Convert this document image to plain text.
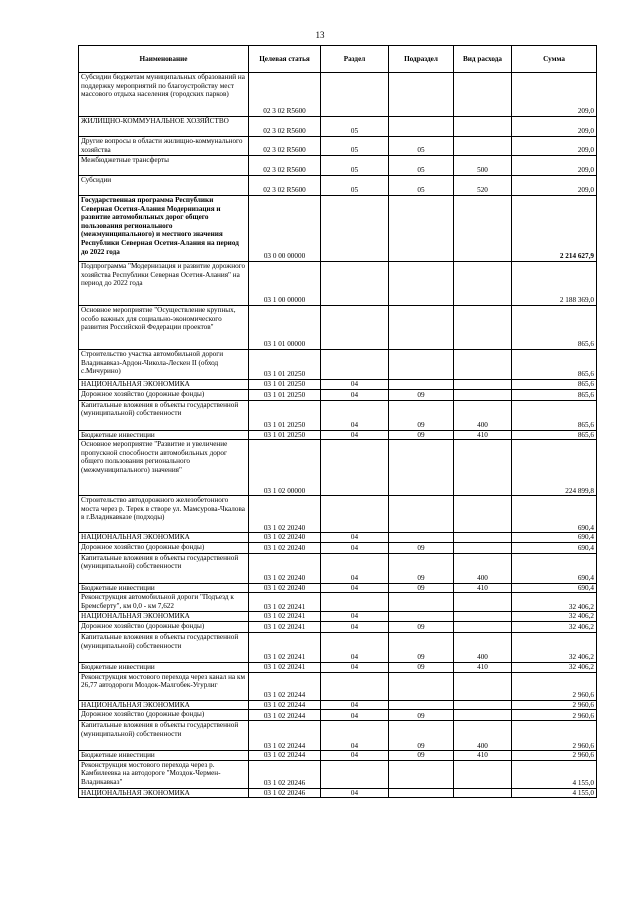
13
Наименование	Целевая статья	Раздел	Подраздел	Вид расхода	Сумма
Субсидии бюджетам муниципальных образований на поддержку мероприятий по благоустройству мест массового отдыха населения (городских парков)	02 3 02 R5600				209,0
ЖИЛИЩНО-КОММУНАЛЬНОЕ ХОЗЯЙСТВО	02 3 02 R5600	05			209,0
Другие вопросы в области жилищно-коммунального хозяйства	02 3 02 R5600	05	05		209,0
Межбюджетные трансферты	02 3 02 R5600	05	05	500	209,0
Субсидии	02 3 02 R5600	05	05	520	209,0
Государственная программа Республики Северная Осетия-Алания Модернизация и развитие автомобильных дорог общего пользования регионального (межмуниципального) и местного значения Республики Северная Осетия-Алания на период до 2022 года	03 0 00 00000				2 214 627,9
Подпрограмма "Модернизация и развитие дорожного хозяйства Республики Северная Осетия-Алания" на период до 2022 года	03 1 00 00000				2 188 369,0
Основное мероприятие "Осуществление крупных, особо важных для социально-экономического развития Российской Федерации проектов"	03 1 01 00000				865,6
Строительство участка автомобильной дороги Владикавказ-Ардон-Чикола-Лескен II (обход с.Мичурино)	03 1 01 20250				865,6
НАЦИОНАЛЬНАЯ ЭКОНОМИКА	03 1 01 20250	04			865,6
Дорожное хозяйство (дорожные фонды)	03 1 01 20250	04	09		865,6
Капитальные вложения в объекты государственной (муниципальной) собственности	03 1 01 20250	04	09	400	865,6
Бюджетные инвестиции	03 1 01 20250	04	09	410	865,6
Основное мероприятие "Развитие и увеличение пропускной способности автомобильных дорог общего пользования регионального (межмуниципального) значения"	03 1 02 00000				224 899,8
Строительство автодорожного железобетонного моста через р. Терек в створе ул. Мамсурова-Чкалова в г.Владикавказе (подходы)	03 1 02 20240				690,4
НАЦИОНАЛЬНАЯ ЭКОНОМИКА	03 1 02 20240	04			690,4
Дорожное хозяйство (дорожные фонды)	03 1 02 20240	04	09		690,4
Капитальные вложения в объекты государственной (муниципальной) собственности	03 1 02 20240	04	09	400	690,4
Бюджетные инвестиции	03 1 02 20240	04	09	410	690,4
Реконструкция автомобильной дороги "Подъезд к Бремсберту", км 0,0 - км 7,622	03 1 02 20241				32 406,2
НАЦИОНАЛЬНАЯ ЭКОНОМИКА	03 1 02 20241	04			32 406,2
Дорожное хозяйство (дорожные фонды)	03 1 02 20241	04	09		32 406,2
Капитальные вложения в объекты государственной (муниципальной) собственности	03 1 02 20241	04	09	400	32 406,2
Бюджетные инвестиции	03 1 02 20241	04	09	410	32 406,2
Реконструкция мостового перехода через канал на км 26,77 автодороги Моздок-Малгобек-Угурлиг	03 1 02 20244				2 960,6
НАЦИОНАЛЬНАЯ ЭКОНОМИКА	03 1 02 20244	04			2 960,6
Дорожное хозяйство (дорожные фонды)	03 1 02 20244	04	09		2 960,6
Капитальные вложения в объекты государственной (муниципальной) собственности	03 1 02 20244	04	09	400	2 960,6
Бюджетные инвестиции	03 1 02 20244	04	09	410	2 960,6
Реконструкция мостового перехода через р. Камбилеевка на автодороге "Моздок-Чермен-Владикавказ"	03 1 02 20246				4 155,0
НАЦИОНАЛЬНАЯ ЭКОНОМИКА	03 1 02 20246	04			4 155,0
